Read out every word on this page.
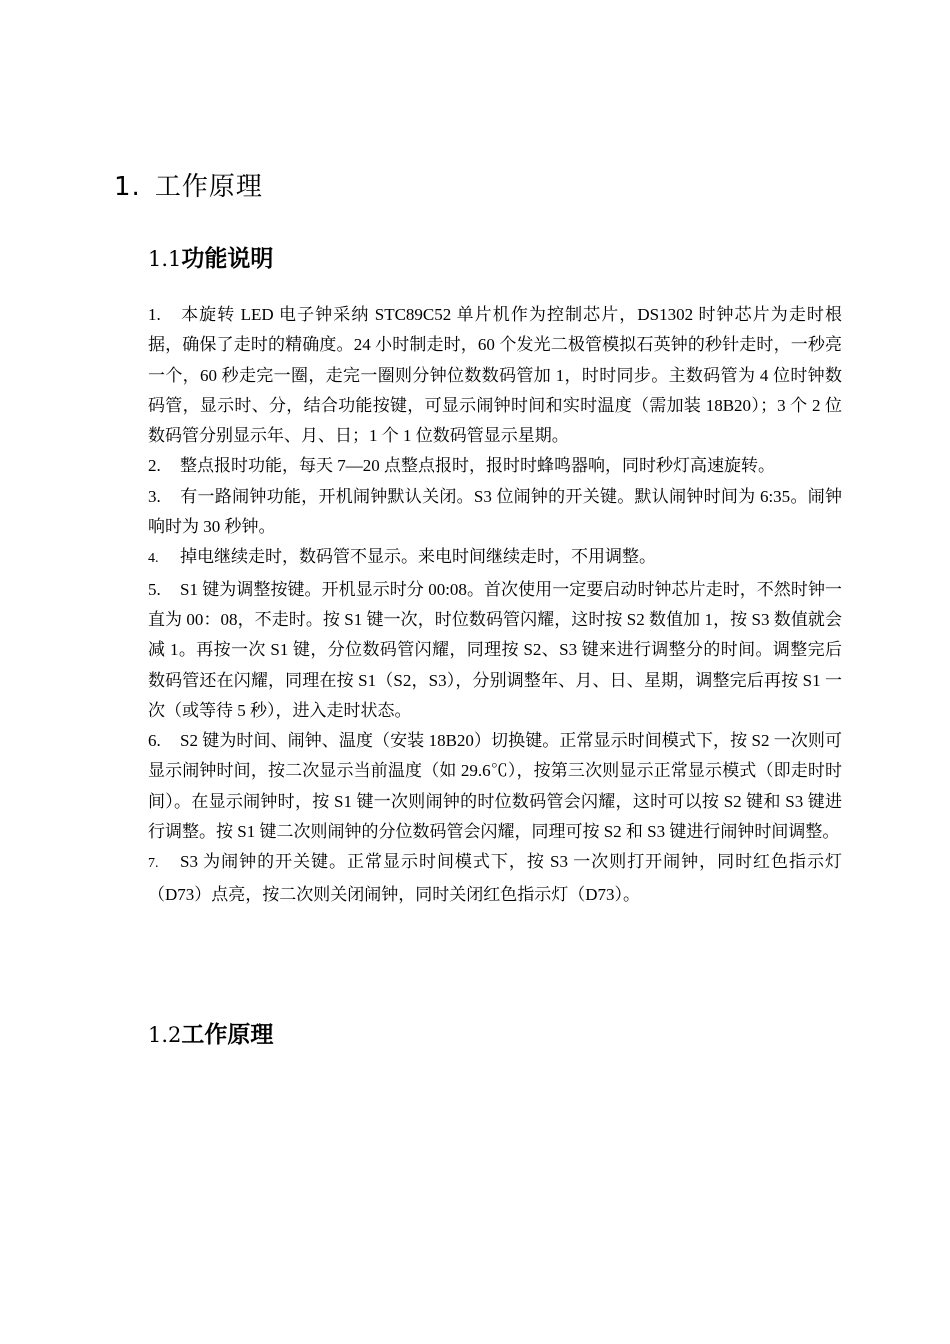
1. 工作原理
1.1功能说明

1. 本旋转 LED 电子钟采纳 STC89C52 单片机作为控制芯片，DS1302 时钟芯片为走时根据，确保了走时的精确度。24 小时制走时，60 个发光二极管模拟石英钟的秒针走时，一秒亮一个，60 秒走完一圈，走完一圈则分钟位数数码管加 1，时时同步。主数码管为 4 位时钟数码管，显示时、分，结合功能按键，可显示闹钟时间和实时温度（需加装 18B20）；3 个 2 位数码管分别显示年、月、日；1 个 1 位数码管显示星期。

2. 整点报时功能，每天 7—20 点整点报时，报时时蜂鸣器响，同时秒灯高速旋转。

3. 有一路闹钟功能，开机闹钟默认关闭。S3 位闹钟的开关键。默认闹钟时间为 6:35。闹钟响时为 30 秒钟。

4. 掉电继续走时，数码管不显示。来电时间继续走时，不用调整。

5. S1 键为调整按键。开机显示时分 00:08。首次使用一定要启动时钟芯片走时，不然时钟一直为 00：08，不走时。按 S1 键一次，时位数码管闪耀，这时按 S2 数值加 1，按 S3 数值就会减 1。再按一次 S1 键，分位数码管闪耀，同理按 S2、S3 键来进行调整分的时间。调整完后数码管还在闪耀，同理在按 S1（S2，S3），分别调整年、月、日、星期，调整完后再按 S1 一次（或等待 5 秒），进入走时状态。

6. S2 键为时间、闹钟、温度（安装 18B20）切换键。正常显示时间模式下，按 S2 一次则可显示闹钟时间，按二次显示当前温度（如 29.6℃），按第三次则显示正常显示模式（即走时时间）。在显示闹钟时，按 S1 键一次则闹钟的时位数码管会闪耀，这时可以按 S2 键和 S3 键进行调整。按 S1 键二次则闹钟的分位数码管会闪耀，同理可按 S2 和 S3 键进行闹钟时间调整。

7. S3 为闹钟的开关键。正常显示时间模式下，按 S3 一次则打开闹钟，同时红色指示灯（D73）点亮，按二次则关闭闹钟，同时关闭红色指示灯（D73）。

1.2工作原理
